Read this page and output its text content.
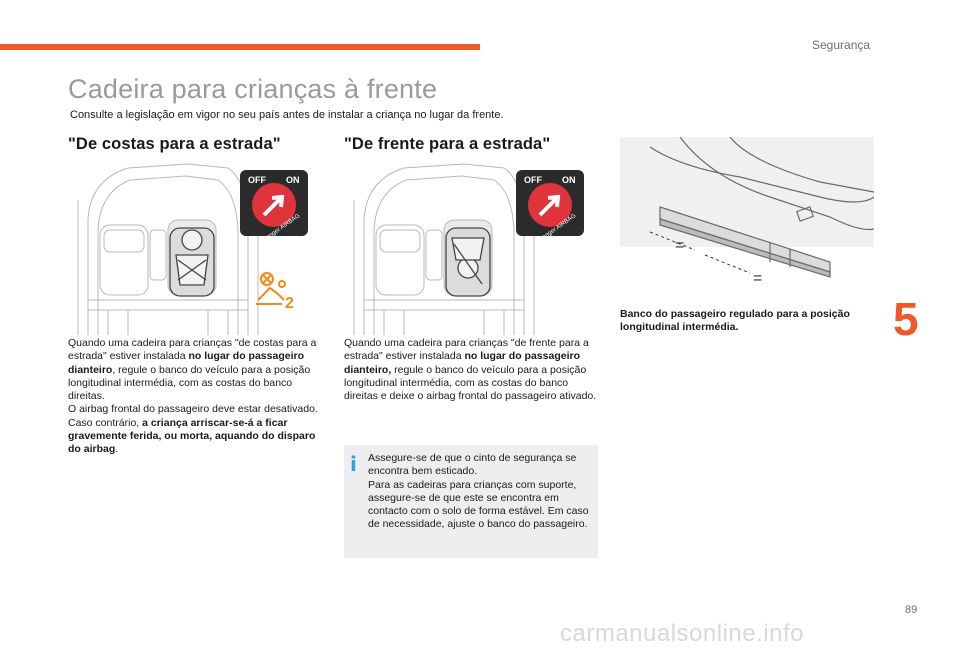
Segurança
Cadeira para crianças à frente
Consulte a legislação em vigor no seu país antes de instalar a criança no lugar da frente.
"De costas para a estrada"
OFF ON
AIRBAG
2
Quando uma cadeira para crianças "de costas para a estrada" estiver instalada no lugar do passageiro dianteiro, regule o banco do veículo para a posição longitudinal intermédia, com as costas do banco direitas.
O airbag frontal do passageiro deve estar desativado. Caso contrário, a criança arriscar-se-á a ficar gravemente ferida, ou morta, aquando do disparo do airbag.
"De frente para a estrada"
OFF ON
AIRBAG
Quando uma cadeira para crianças "de frente para a estrada" estiver instalada no lugar do passageiro dianteiro, regule o banco do veículo para a posição longitudinal intermédia, com as costas do banco direitas e deixe o airbag frontal do passageiro ativado.
i Assegure-se de que o cinto de segurança se encontra bem esticado.
Para as cadeiras para crianças com suporte, assegure-se de que este se encontra em contacto com o solo de forma estável. Em caso de necessidade, ajuste o banco do passageiro.
=
=
Banco do passageiro regulado para a posição longitudinal intermédia.	5
89
carmanualsonline.info
